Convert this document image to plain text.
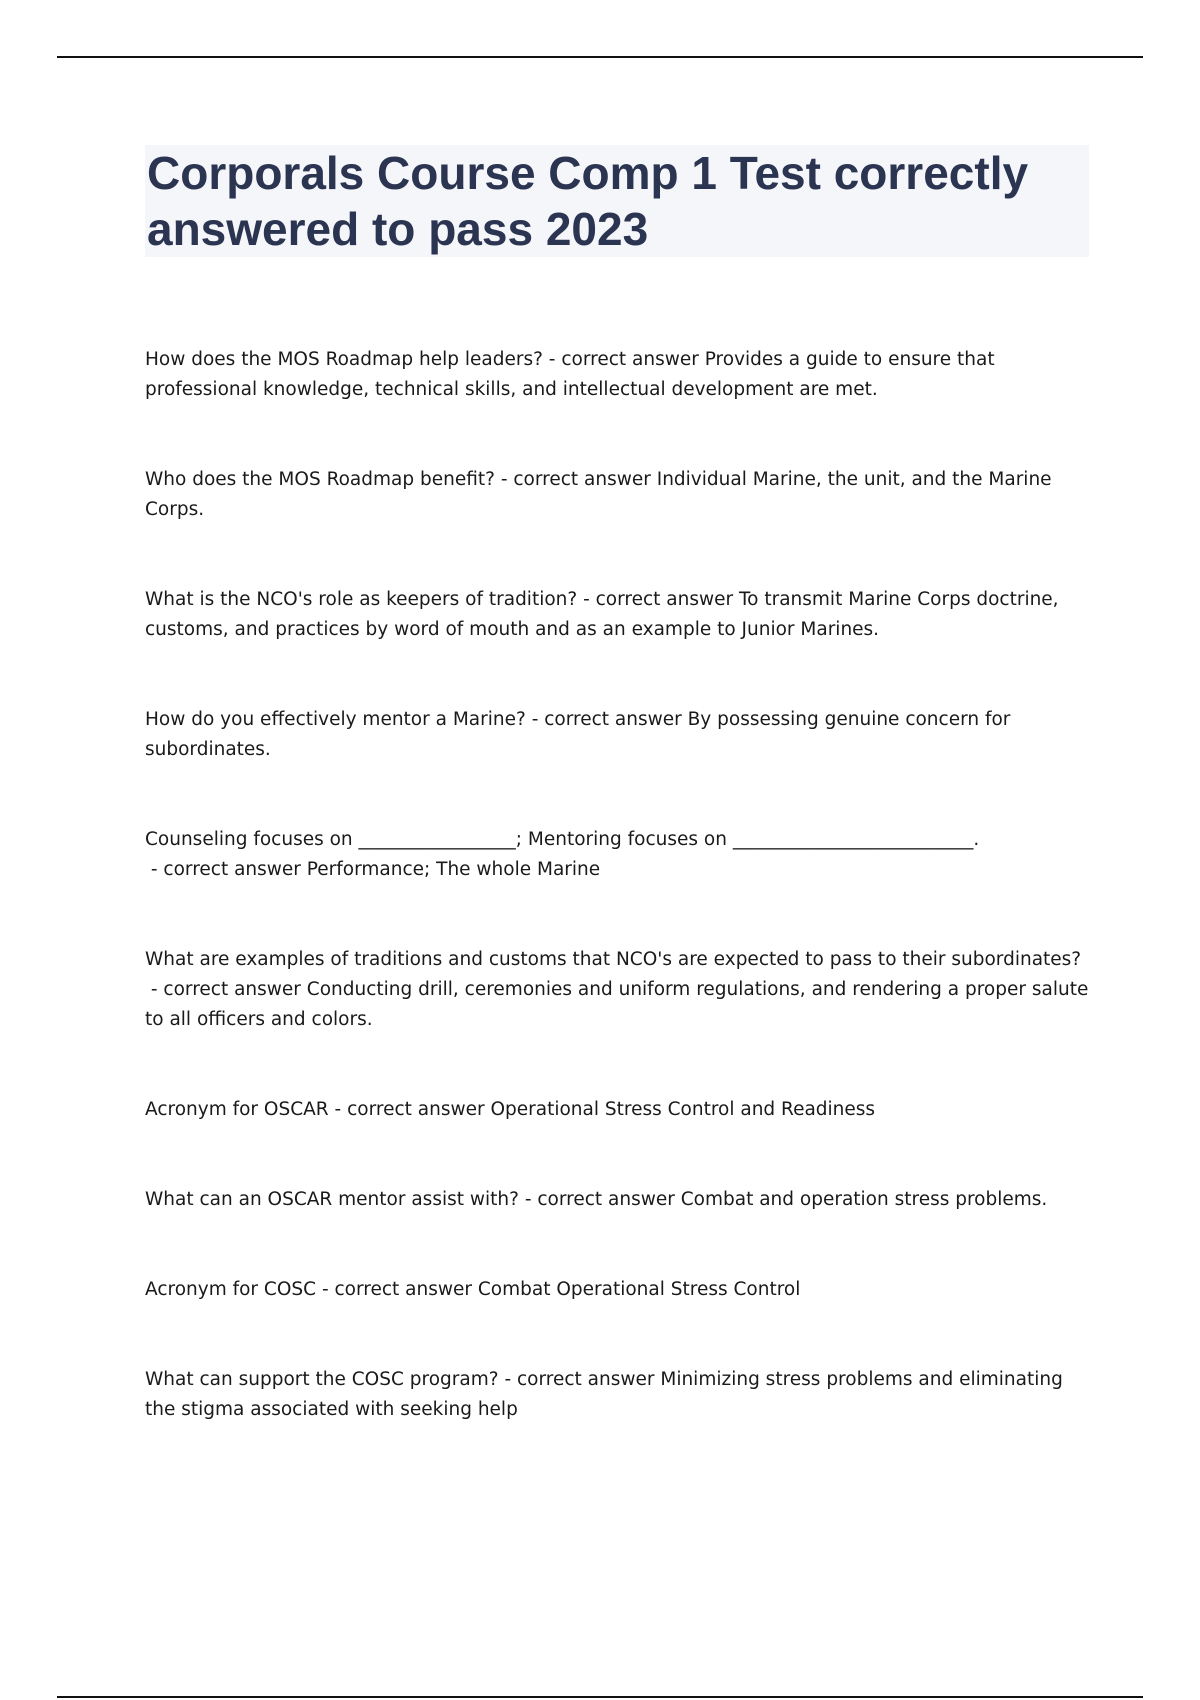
Corporals Course Comp 1 Test correctly answered to pass 2023
How does the MOS Roadmap help leaders? - correct answer Provides a guide to ensure that professional knowledge, technical skills, and intellectual development are met.
Who does the MOS Roadmap benefit? - correct answer Individual Marine, the unit, and the Marine Corps.
What is the NCO's role as keepers of tradition? - correct answer To transmit Marine Corps doctrine, customs, and practices by word of mouth and as an example to Junior Marines.
How do you effectively mentor a Marine? - correct answer By possessing genuine concern for subordinates.
Counseling focuses on _________________; Mentoring focuses on __________________________. - correct answer Performance; The whole Marine
What are examples of traditions and customs that NCO's are expected to pass to their subordinates? - correct answer Conducting drill, ceremonies and uniform regulations, and rendering a proper salute to all officers and colors.
Acronym for OSCAR - correct answer Operational Stress Control and Readiness
What can an OSCAR mentor assist with? - correct answer Combat and operation stress problems.
Acronym for COSC - correct answer Combat Operational Stress Control
What can support the COSC program? - correct answer Minimizing stress problems and eliminating the stigma associated with seeking help
